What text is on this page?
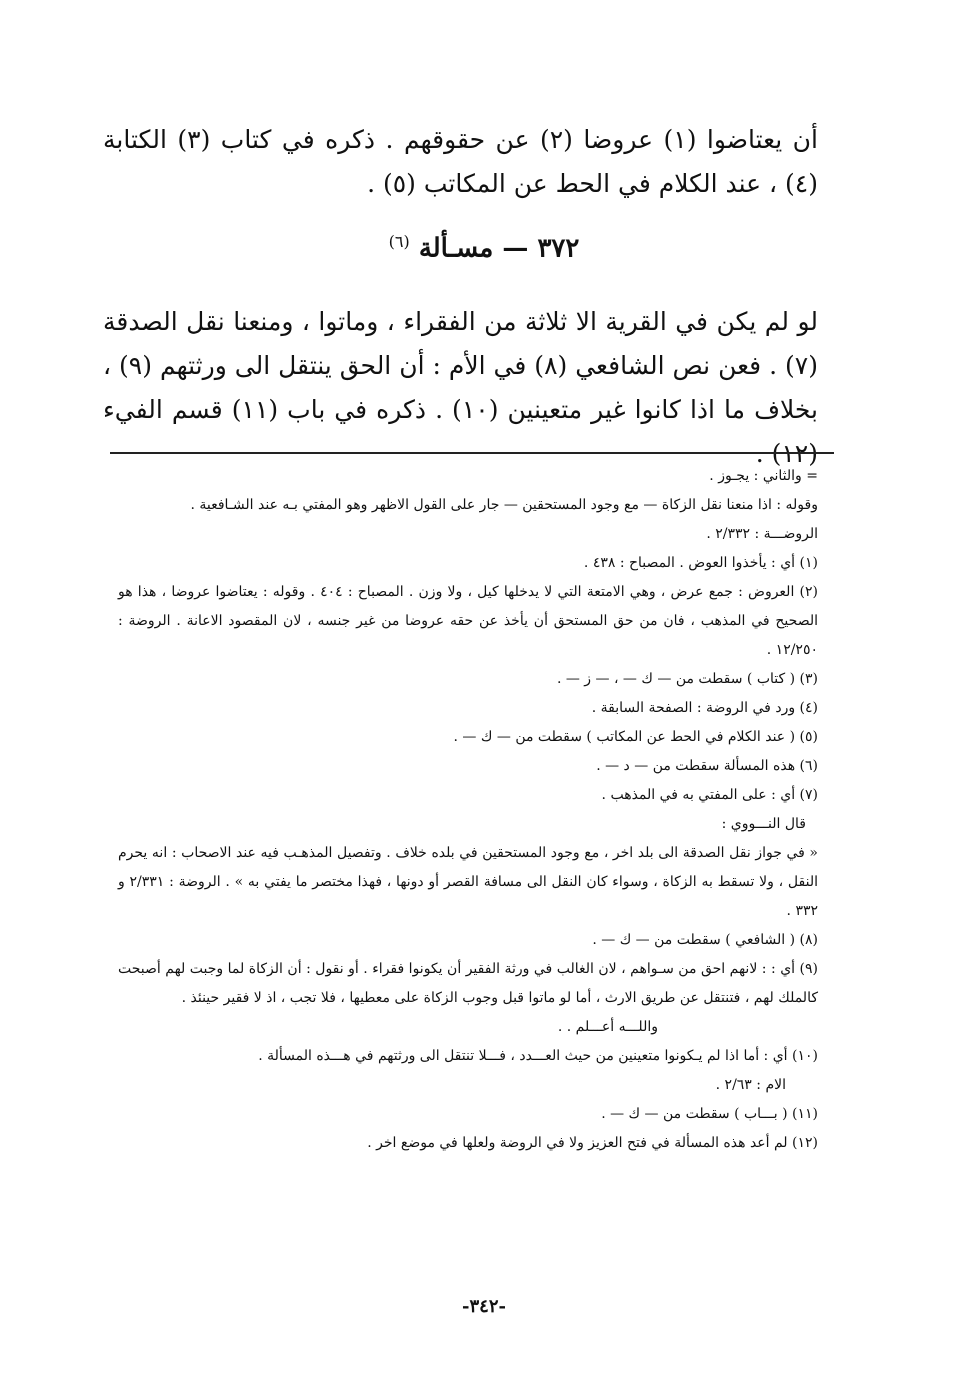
أن يعتاضوا (١) عروضا (٢) عن حقوقهم . ذكره في كتاب (٣) الكتابة (٤) ، عند الكلام في الحط عن المكاتب (٥) .

٣٧٢ — مسـألة $^{(٦)}$

لو لم يكن في القرية الا ثلاثة من الفقراء ، وماتوا ، ومنعنا نقل الصدقة (٧) . فعن نص الشافعي (٨) في الأم : أن الحق ينتقل الى ورثتهم (٩) ، بخلاف ما اذا كانوا غير متعينين (١٠) . ذكره في باب (١١) قسم الفيء (١٢) .

= والثاني : يجـوز .

وقوله : اذا منعنا نقل الزكاة — مع وجود المستحقين — جار على القول الاظهر وهو المفتي بـه عند الشـافعية .

الروضـــة : ٢/٣٣٢ .

(١) أي : يأخذوا العوض . المصباح : ٤٣٨ .

(٢) العروض : جمع عرض ، وهي الامتعة التي لا يدخلها كيل ، ولا وزن . المصباح : ٤٠٤ . وقوله : يعتاضوا عروضا ، هذا هو الصحيح في المذهب ، فان من حق المستحق أن يأخذ عن حقه عروضا من غير جنسه ، لان المقصود الاعانة . الروضة : ١٢/٢٥٠ .

(٣) ( كتاب ) سقطت من — ك — ، — ز — .

(٤) ورد في الروضة : الصفحة السابقة .

(٥) ( عند الكلام في الحط عن المكاتب ) سقطت من — ك — .

(٦) هذه المسألة سقطت من — د — .

(٧) أي : على المفتي به في المذهب .

قال النـــووي :

« في جواز نقل الصدقة الى بلد اخر ، مع وجود المستحقين في بلده خلاف . وتفصيل المذهـب فيه عند الاصحاب : انه يحرم النقل ، ولا تسقط به الزكاة ، وسواء كان النقل الى مسافة القصر أو دونها ، فهذا مختصر ما يفتي به » . الروضة : ٢/٣٣١ و ٣٣٢ .

(٨) ( الشافعي ) سقطت من — ك — .

(٩) أي : : لانهم احق من سـواهم ، لان الغالب في ورثة الفقير أن يكونوا فقراء . أو نقول : أن الزكاة لما وجبت لهم أصبحت كالملك لهم ، فتنتقل عن طريق الارث ، أما لو ماتوا قبل وجوب الزكاة على معطيها ، فلا تجب ، اذ لا فقير حينئذ .

واللـــه أعـــلم . .

(١٠) أي : أما اذا لم يـكونوا متعينين من حيث العـــدد ، فـــلا تنتقل الى ورثتهم في هـــذه المسألة .

الام : ٢/٦٣ .

(١١) ( بـــاب ) سقطت من — ك — .

(١٢) لم أعد هذه المسألة في فتح العزيز ولا في الروضة ولعلها في موضع اخر .

-٣٤٢-
